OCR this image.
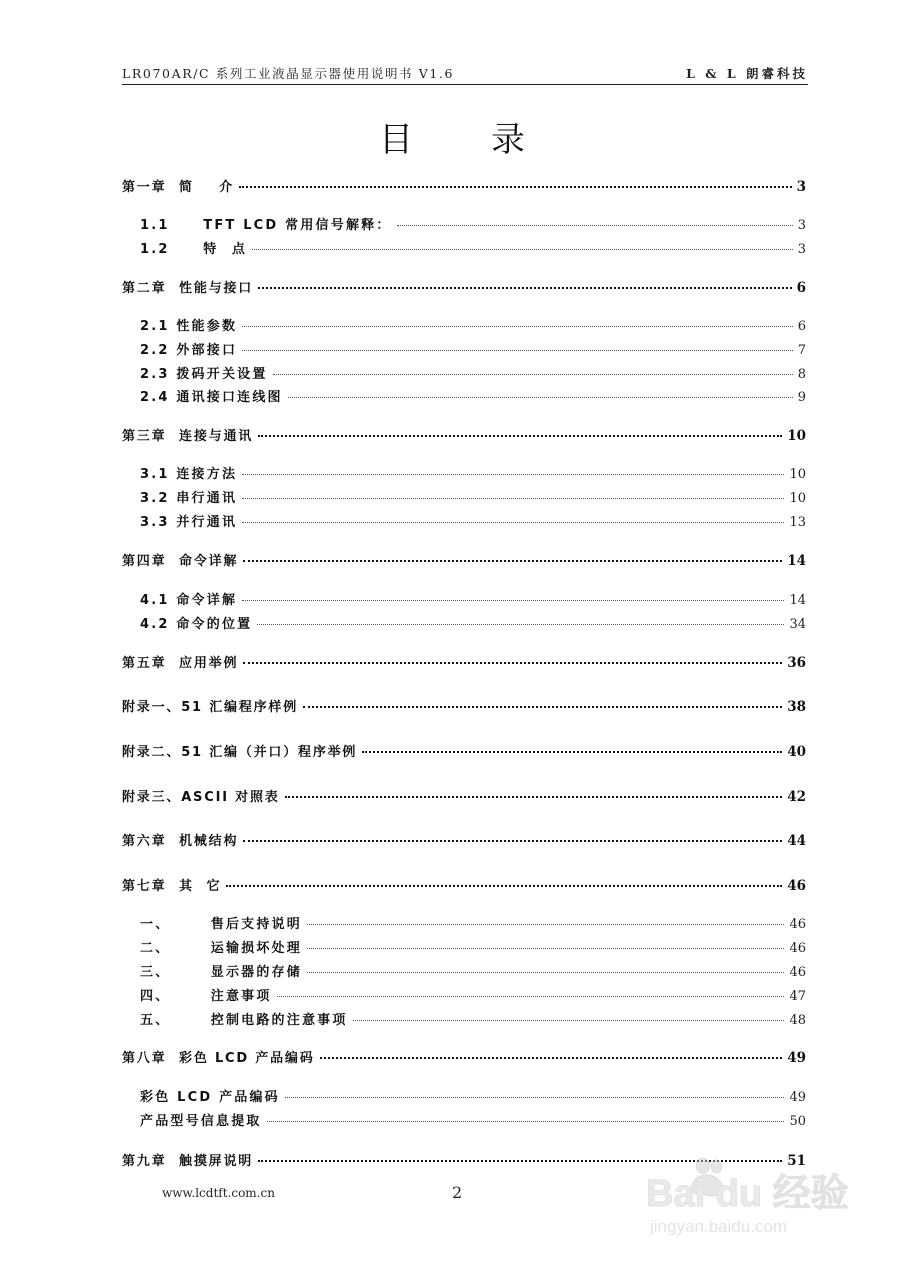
LR070AR/C 系列工业液晶显示器使用说明书 V1.6	L & L 朗睿科技
目录
第一章  简    介	3
1.1     TFT LCD 常用信号解释：	3
1.2     特  点	3
第二章  性能与接口	6
2.1 性能参数	6
2.2 外部接口	7
2.3 拨码开关设置	8
2.4 通讯接口连线图	9
第三章  连接与通讯	10
3.1 连接方法	10
3.2 串行通讯	10
3.3 并行通讯	13
第四章  命令详解	14
4.1 命令详解	14
4.2 命令的位置	34
第五章  应用举例	36
附录一、51 汇编程序样例	38
附录二、51 汇编（并口）程序举例	40
附录三、ASCII 对照表	42
第六章  机械结构	44
第七章  其  它	46
一、      售后支持说明	46
二、      运输损坏处理	46
三、      显示器的存储	46
四、      注意事项	47
五、      控制电路的注意事项	48
第八章  彩色 LCD 产品编码	49
彩色 LCD 产品编码	49
产品型号信息提取	50
第九章  触摸屏说明	51
www.lcdtft.com.cn	2	Bai du 经验
jingyan.baidu.com
